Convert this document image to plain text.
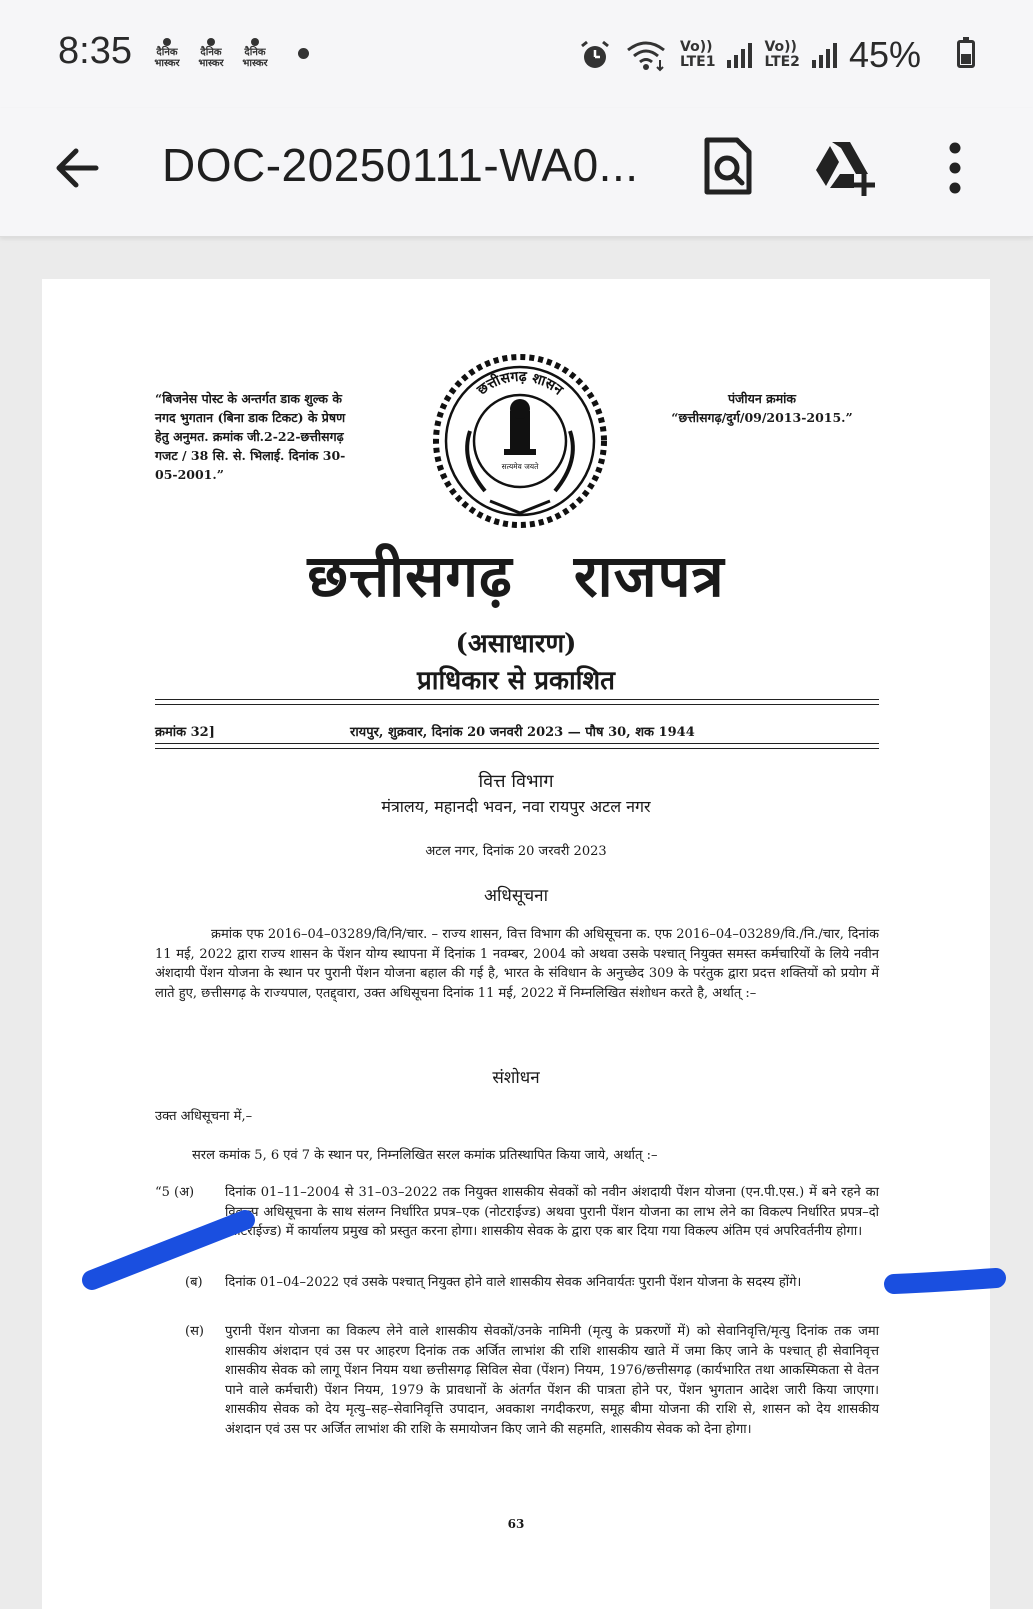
8:35	दैनिक
भास्कर
दैनिक
भास्कर
दैनिक
भास्कर
Vo))
LTE1
Vo))
LTE2 45%
DOC-20250111-WA0...
“बिजनेस पोस्ट के अन्तर्गत डाक शुल्क के नगद भुगतान (बिना डाक टिकट) के प्रेषण हेतु अनुमत. क्रमांक जी.2-22-छत्तीसगढ़ गजट / 38 सि. से. भिलाई. दिनांक 30-05-2001.”
छत्तीसगढ़ शासन
सत्यमेव जयते
पंजीयन क्रमांक
“छत्तीसगढ़/दुर्ग/09/2013-2015.”
छत्तीसगढ़ राजपत्र
(असाधारण)
प्राधिकार से प्रकाशित
क्रमांक 32]	रायपुर, शुक्रवार, दिनांक 20 जनवरी 2023 — पौष 30, शक 1944
वित्त विभाग
मंत्रालय, महानदी भवन, नवा रायपुर अटल नगर
अटल नगर, दिनांक 20 जरवरी 2023
अधिसूचना
क्रमांक एफ 2016–04–03289/वि/नि/चार. – राज्य शासन, वित्त विभाग की अधिसूचना क. एफ 2016–04–03289/वि./नि./चार, दिनांक 11 मई, 2022 द्वारा राज्य शासन के पेंशन योग्य स्थापना में दिनांक 1 नवम्बर, 2004 को अथवा उसके पश्चात् नियुक्त समस्त कर्मचारियों के लिये नवीन अंशदायी पेंशन योजना के स्थान पर पुरानी पेंशन योजना बहाल की गई है, भारत के संविधान के अनुच्छेद 309 के परंतुक द्वारा प्रदत्त शक्तियों को प्रयोग में लाते हुए, छत्तीसगढ़ के राज्यपाल, एतद्द्वारा, उक्त अधिसूचना दिनांक 11 मई, 2022 में निम्नलिखित संशोधन करते है, अर्थात् :–
संशोधन
उक्त अधिसूचना में,–
सरल कमांक 5, 6 एवं 7 के स्थान पर, निम्नलिखित सरल कमांक प्रतिस्थापित किया जाये, अर्थात् :–
“5 (अ)	दिनांक 01–11–2004 से 31–03–2022 तक नियुक्त शासकीय सेवकों को नवीन अंशदायी पेंशन योजना (एन.पी.एस.) में बने रहने का विकल्प अधिसूचना के साथ संलग्न निर्धारित प्रपत्र–एक (नोटराईज्ड) अथवा पुरानी पेंशन योजना का लाभ लेने का विकल्प निर्धारित प्रपत्र–दो (नोटराईज्ड) में कार्यालय प्रमुख को प्रस्तुत करना होगा। शासकीय सेवक के द्वारा एक बार दिया गया विकल्प अंतिम एवं अपरिवर्तनीय होगा।
(ब)	दिनांक 01–04–2022 एवं उसके पश्चात् नियुक्त होने वाले शासकीय सेवक अनिवार्यतः पुरानी पेंशन योजना के सदस्य होंगे।
(स)	पुरानी पेंशन योजना का विकल्प लेने वाले शासकीय सेवकों/उनके नामिनी (मृत्यु के प्रकरणों में) को सेवानिवृत्ति/मृत्यु दिनांक तक जमा शासकीय अंशदान एवं उस पर आहरण दिनांक तक अर्जित लाभांश की राशि शासकीय खाते में जमा किए जाने के पश्चात् ही सेवानिवृत्त शासकीय सेवक को लागू पेंशन नियम यथा छत्तीसगढ़ सिविल सेवा (पेंशन) नियम, 1976/छत्तीसगढ़ (कार्यभारित तथा आकस्मिकता से वेतन पाने वाले कर्मचारी) पेंशन नियम, 1979 के प्रावधानों के अंतर्गत पेंशन की पात्रता होने पर, पेंशन भुगतान आदेश जारी किया जाएगा। शासकीय सेवक को देय मृत्यु–सह–सेवानिवृत्ति उपादान, अवकाश नगदीकरण, समूह बीमा योजना की राशि से, शासन को देय शासकीय अंशदान एवं उस पर अर्जित लाभांश की राशि के समायोजन किए जाने की सहमति, शासकीय सेवक को देना होगा।
63
